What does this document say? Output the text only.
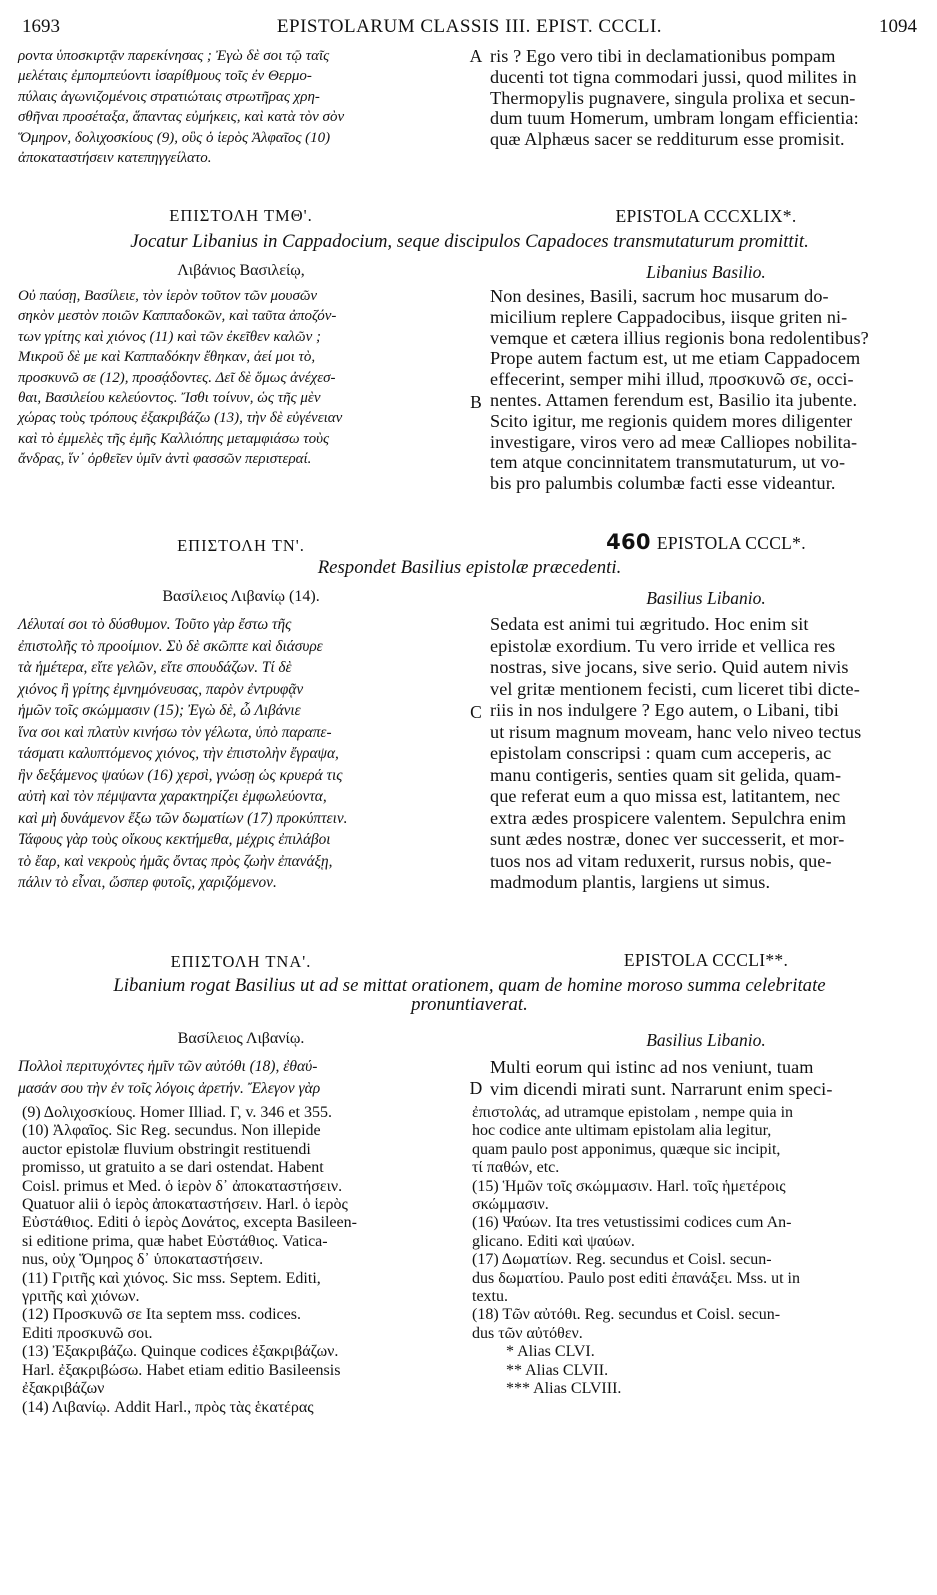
1693	EPISTOLARUM CLASSIS III. EPIST. CCCLI.	1094
ροντα ὑποσκιρτᾷν παρεκίνησας ; Ἐγὼ δὲ σοι τῷ ταῖς
μελέταις ἐμπομπεύοντι ἰσαρίθμους τοῖς ἐν Θερμο-
πύλαις ἀγωνιζομένοις στρατιώταις στρωτῆρας χρη-
σθῆναι προσέταξα, ἅπαντας εὐμήκεις, καὶ κατὰ τὸν σὸν
Ὅμηρον, δολιχοσκίους (9), οὓς ὁ ἱερὸς Ἀλφαῖος (10)
ἀποκαταστήσειν κατεπηγγείλατο.
A ris ? Ego vero tibi in declamationibus pompam
ducenti tot tigna commodari jussi, quod milites in
Thermopylis pugnavere, singula prolixa et secun-
dum tuum Homerum, umbram longam efficientia:
quæ Alphæus sacer se redditurum esse promisit.
ΕΠΙΣΤΟΛΗ ΤΜΘ'.	EPISTOLA CCCXLIX*.
Jocatur Libanius in Cappadocium, seque discipulos Capadoces transmutaturum promittit.
Λιβάνιος Βασιλείῳ,	Libanius Basilio.
Οὐ παύσῃ, Βασίλειε, τὸν ἱερὸν τοῦτον τῶν μουσῶν
σηκὸν μεστὸν ποιῶν Καππαδοκῶν, καὶ ταῦτα ἀποζόν-
των γρίτης καὶ χιόνος (11) καὶ τῶν ἐκεῖθεν καλῶν ;
Μικροῦ δὲ με καὶ Καππαδόκην ἔθηκαν, ἀεί μοι τὸ,
προσκυνῶ σε (12), προσᾴδοντες. Δεῖ δὲ ὅμως ἀνέχεσ-
θαι, Βασιλείου κελεύοντος. Ἴσθι τοίνυν, ὡς τῆς μὲν
χώρας τοὺς τρόπους ἐξακριβάζω (13), τὴν δὲ εὐγένειαν
καὶ τὸ ἐμμελὲς τῆς ἐμῆς Καλλιόπης μεταμφιάσω τοὺς
ἄνδρας, ἵν᾽ ὀρθεῖεν ὑμῖν ἀντὶ φασσῶν περιστεραί.
B
Non desines, Basili, sacrum hoc musarum do-
micilium replere Cappadocibus, iisque griten ni-
vemque et cætera illius regionis bona redolentibus?
Prope autem factum est, ut me etiam Cappadocem
effecerint, semper mihi illud, προσκυνῶ σε, occi-
nentes. Attamen ferendum est, Basilio ita jubente.
Scito igitur, me regionis quidem mores diligenter
investigare, viros vero ad meæ Calliopes nobilita-
tem atque concinnitatem transmutaturum, ut vo-
bis pro palumbis columbæ facti esse videantur.
ΕΠΙΣΤΟΛΗ ΤΝ'.	460 EPISTOLA CCCL*.
Respondet Basilius epistolæ præcedenti.
Βασίλειος Λιβανίῳ (14).	Basilius Libanio.
Λέλυταί σοι τὸ δύσθυμον. Τοῦτο γὰρ ἔστω τῆς
ἐπιστολῆς τὸ προοίμιον. Σὺ δὲ σκῶπτε καὶ διάσυρε
τὰ ἡμέτερα, εἴτε γελῶν, εἴτε σπουδάζων. Τί δὲ
χιόνος ἢ γρίτης ἐμνημόνευσας, παρὸν ἐντρυφᾷν
ἡμῶν τοῖς σκώμμασιν (15); Ἐγὼ δὲ, ὦ Λιβάνιε
ἵνα σοι καὶ πλατὺν κινήσω τὸν γέλωτα, ὑπὸ παραπε-
τάσματι καλυπτόμενος χιόνος, τὴν ἐπιστολὴν ἔγραψα,
ἣν δεξάμενος ψαύων (16) χερσὶ, γνώσῃ ὡς κρυερά τις
αὐτὴ καὶ τὸν πέμψαντα χαρακτηρίζει ἐμφωλεύοντα,
καὶ μὴ δυνάμενον ἔξω τῶν δωματίων (17) προκύπτειν.
Τάφους γὰρ τοὺς οἴκους κεκτήμεθα, μέχρις ἐπιλάβοι
τὸ ἔαρ, καὶ νεκροὺς ἡμᾶς ὄντας πρὸς ζωὴν ἐπανάξῃ,
πάλιν τὸ εἶναι, ὥσπερ φυτοῖς, χαριζόμενον.
C
Sedata est animi tui ægritudo. Hoc enim sit
epistolæ exordium. Tu vero irride et vellica res
nostras, sive jocans, sive serio. Quid autem nivis
vel gritæ mentionem fecisti, cum liceret tibi dicte-
riis in nos indulgere ? Ego autem, o Libani, tibi
ut risum magnum moveam, hanc velo niveo tectus
epistolam conscripsi : quam cum acceperis, ac
manu contigeris, senties quam sit gelida, quam-
que referat eum a quo missa est, latitantem, nec
extra ædes prospicere valentem. Sepulchra enim
sunt ædes nostræ, donec ver successerit, et mor-
tuos nos ad vitam reduxerit, rursus nobis, que-
madmodum plantis, largiens ut simus.
ΕΠΙΣΤΟΛΗ ΤΝΑ'.	EPISTOLA CCCLI**.
Libanium rogat Basilius ut ad se mittat orationem, quam de homine moroso summa celebritate
pronuntiaverat.
Βασίλειος Λιβανίῳ.	Basilius Libanio.
Πολλοὶ περιτυχόντες ἡμῖν τῶν αὐτόθι (18), ἐθαύ-
μασάν σου τὴν ἐν τοῖς λόγοις ἀρετήν. Ἔλεγον γὰρ	D
Multi eorum qui istinc ad nos veniunt, tuam
vim dicendi mirati sunt. Narrarunt enim speci-
(9) Δολιχοσκίους. Homer Illiad. Γ, v. 346 et 355.
(10) Ἀλφαῖος. Sic Reg. secundus. Non illepide
auctor epistolæ fluvium obstringit restituendi
promisso, ut gratuito a se dari ostendat. Habent
Coisl. primus et Med. ὁ ἱερὸν δ᾽ ἀποκαταστήσειν.
Quatuor alii ὁ ἱερὸς ἀποκαταστήσειν. Harl. ὁ ἱερὸς
Εὐστάθιος. Editi ὁ ἱερὸς Δονάτος, excepta Basileen-
si editione prima, quæ habet Εὐστάθιος. Vatica-
nus, οὐχ Ὅμηρος δ᾽ ὑποκαταστήσειν.
(11) Γριτῆς καὶ χιόνος. Sic mss. Septem. Editi,
γριτῆς καὶ χιόνων.
(12) Προσκυνῶ σε Ita septem mss. codices.
Editi προσκυνῶ σοι.
(13) Ἐξακριβάζω. Quinque codices ἐξακριβάζων.
Harl. ἐξακριβώσω. Habet etiam editio Basileensis
ἐξακριβάζων
(14) Λιβανίῳ. Addit Harl., πρὸς τὰς ἑκατέρας
ἐπιστολάς, ad utramque epistolam , nempe quia in
hoc codice ante ultimam epistolam alia legitur,
quam paulo post apponimus, quæque sic incipit,
τί παθών, etc.
(15) Ἡμῶν τοῖς σκώμμασιν. Harl. τοῖς ἡμετέροις
σκώμμασιν.
(16) Ψαύων. Ita tres vetustissimi codices cum An-
glicano. Editi καὶ ψαύων.
(17) Δωματίων. Reg. secundus et Coisl. secun-
dus δωματίου. Paulo post editi ἐπανάξει. Mss. ut in
textu.
(18) Τῶν αὐτόθι. Reg. secundus et Coisl. secun-
dus τῶν αὐτόθεν.
* Alias CLVI.
** Alias CLVII.
*** Alias CLVIII.
